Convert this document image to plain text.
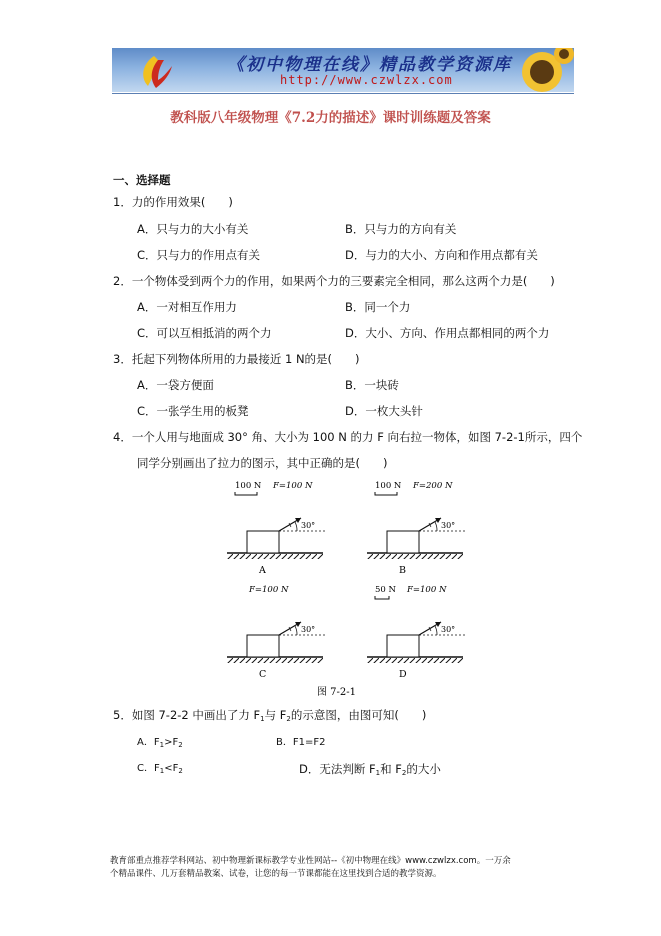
《初中物理在线》精品教学资源库
http://www.czwlzx.com
教科版八年级物理《7.2力的描述》课时训练题及答案
一、选择题
1．力的作用效果(　　)
A．只与力的大小有关	B．只与力的方向有关
C．只与力的作用点有关	D．与力的大小、方向和作用点都有关
2．一个物体受到两个力的作用，如果两个力的三要素完全相同，那么这两个力是(　　)
A．一对相互作用力	B．同一个力
C．可以互相抵消的两个力	D．大小、方向、作用点都相同的两个力
3．托起下列物体所用的力最接近 1 N的是(　　)
A．一袋方便面	B．一块砖
C．一张学生用的板凳	D．一枚大头针
4．一个人用与地面成 30° 角、大小为 100 N 的力 F 向右拉一物体，如图 7-2-1所示，四个
同学分别画出了拉力的图示，其中正确的是(　　)
100 N F=100 N
30°
A
100 N F=200 N
30°
B
F=100 N
30°
C
50 N F=100 N
30°
D
图 7-2-1
5．如图 7-2-2 中画出了力 $F_1$与 $F_2$的示意图，由图可知(　　)
A．$F_1>F_2$	B．F1=F2
C．$F_1<F_2$	D．无法判断 $F_1$和 $F_2$的大小
教育部重点推荐学科网站、初中物理新课标教学专业性网站--《初中物理在线》www.czwlzx.com。一万余
个精品课件、几万套精品教案、试卷，让您的每一节课都能在这里找到合适的教学资源。
